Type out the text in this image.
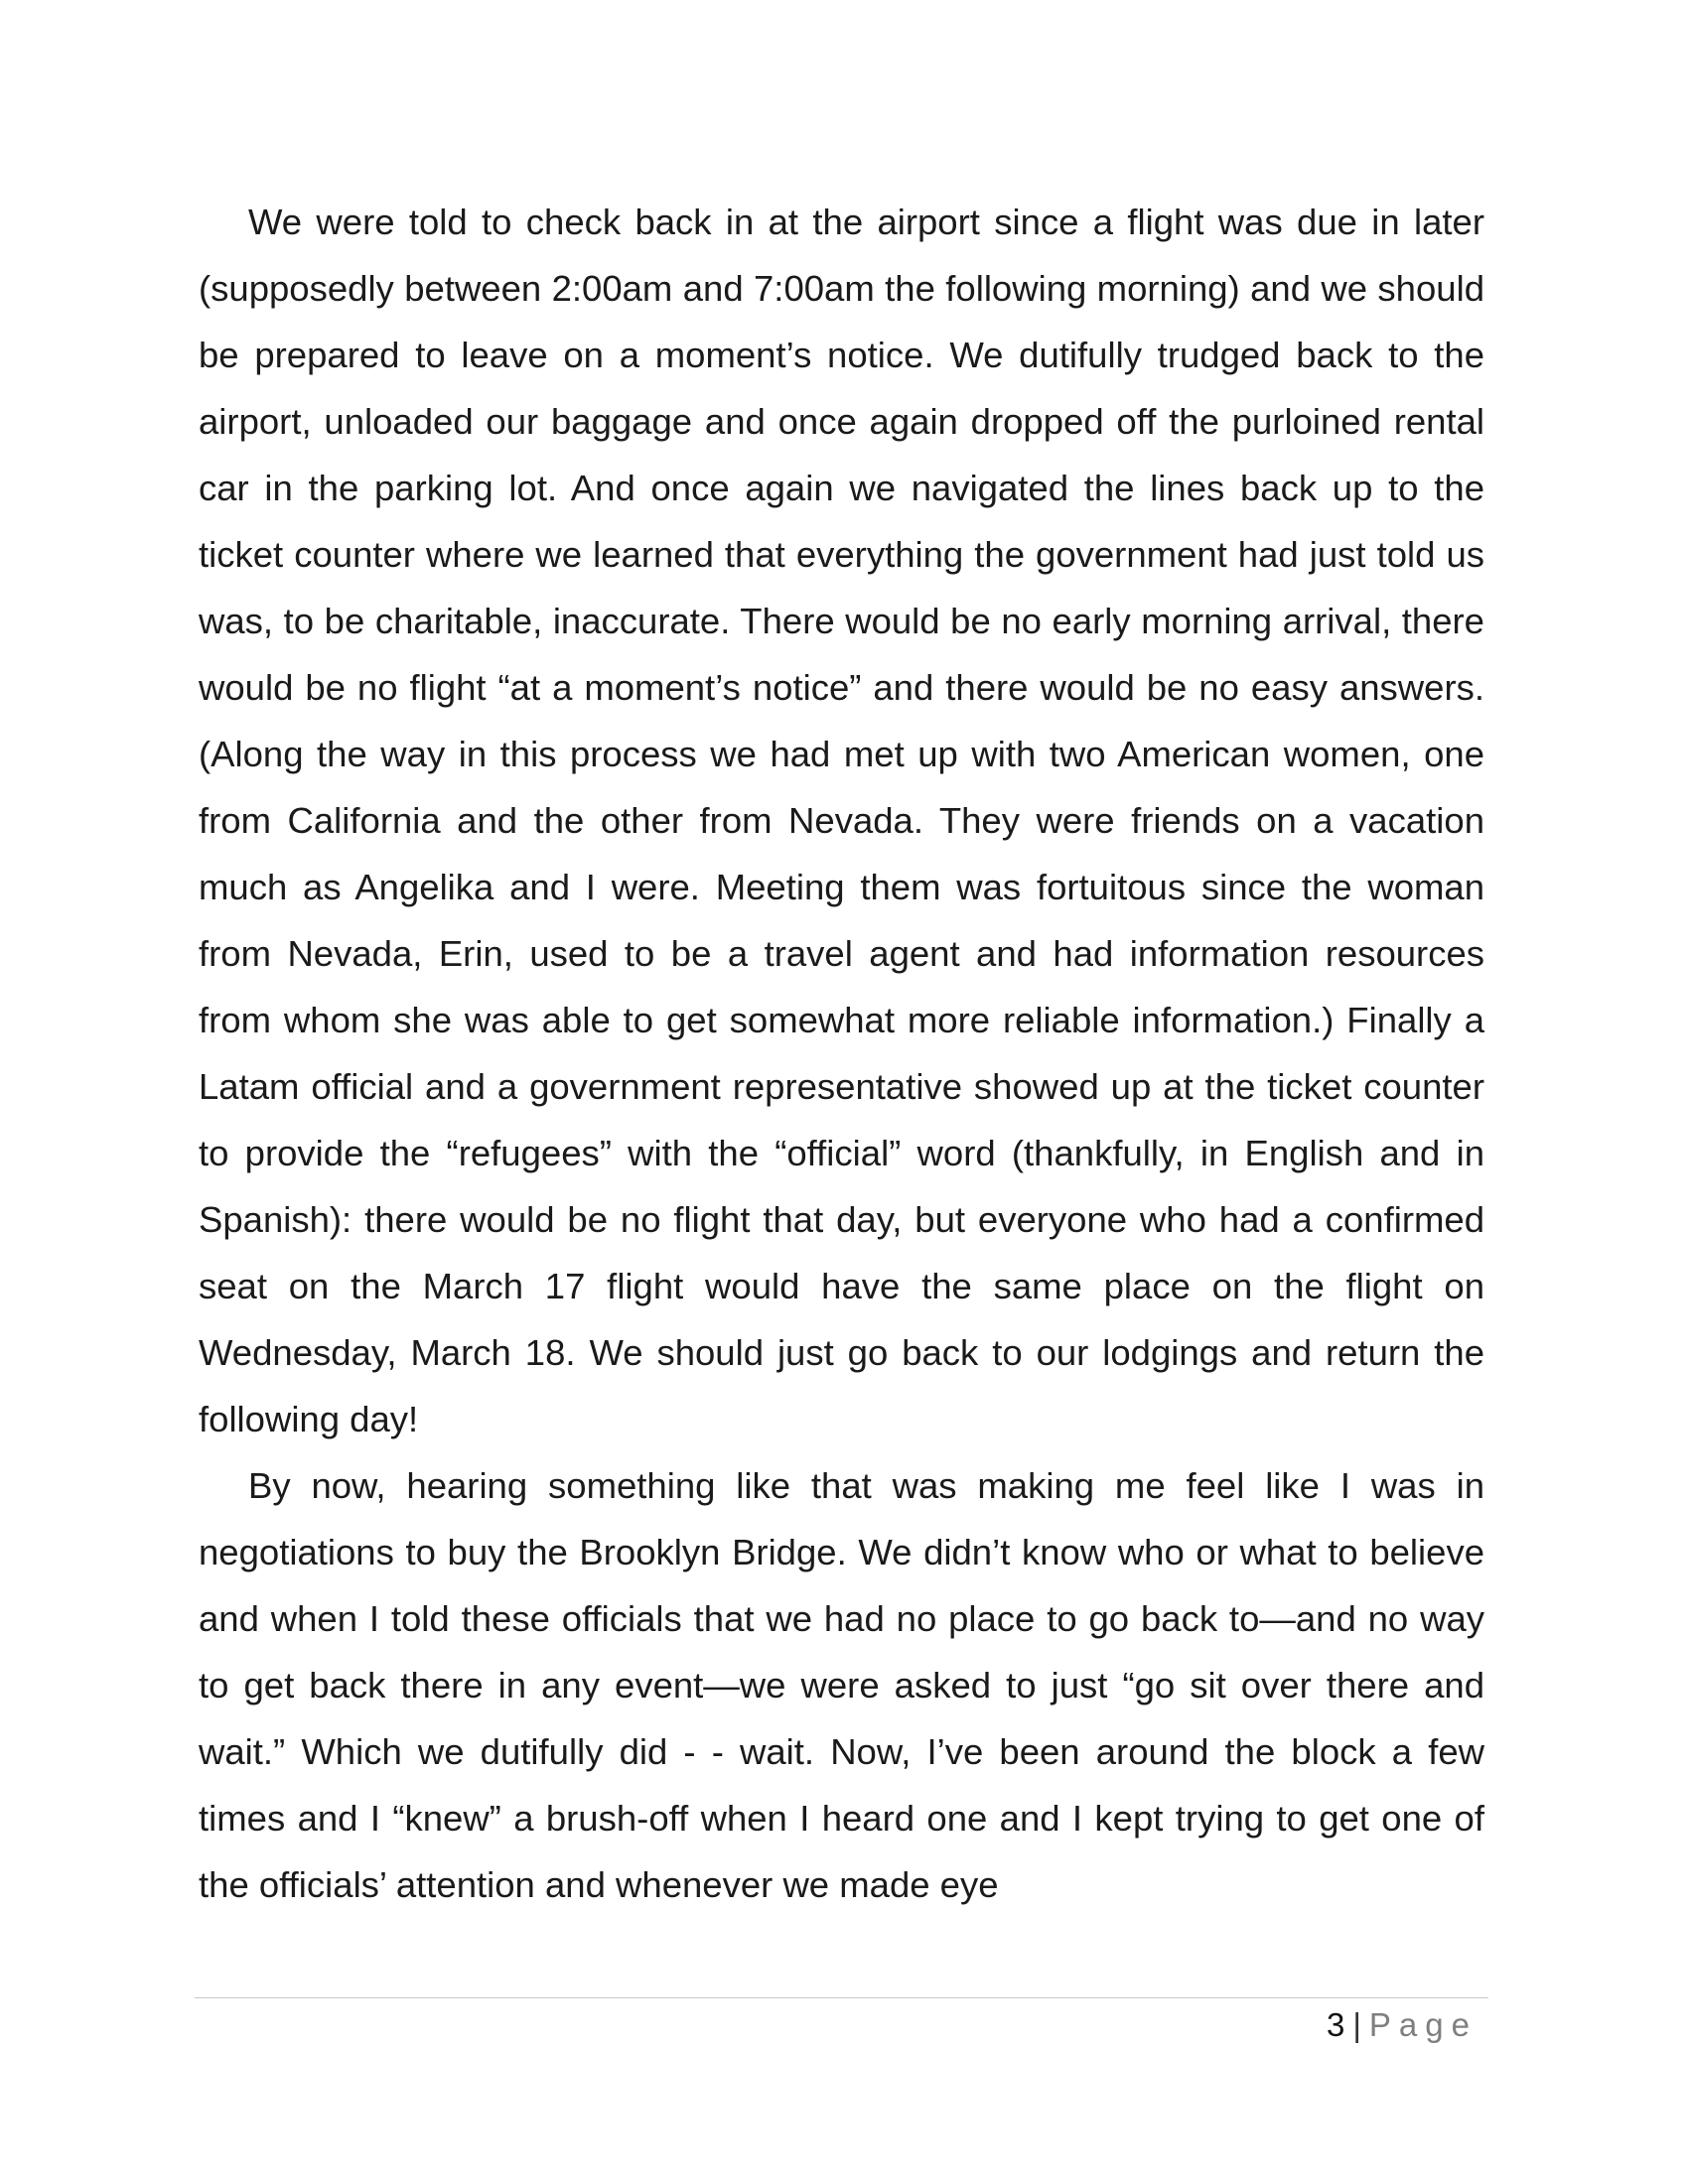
We were told to check back in at the airport since a flight was due in later (supposedly between 2:00am and 7:00am the following morning) and we should be prepared to leave on a moment’s notice. We dutifully trudged back to the airport, unloaded our baggage and once again dropped off the purloined rental car in the parking lot. And once again we navigated the lines back up to the ticket counter where we learned that everything the government had just told us was, to be charitable, inaccurate. There would be no early morning arrival, there would be no flight “at a moment’s notice” and there would be no easy answers. (Along the way in this process we had met up with two American women, one from California and the other from Nevada. They were friends on a vacation much as Angelika and I were. Meeting them was fortuitous since the woman from Nevada, Erin, used to be a travel agent and had information resources from whom she was able to get somewhat more reliable information.) Finally a Latam official and a government representative showed up at the ticket counter to provide the “refugees” with the “official” word (thankfully, in English and in Spanish): there would be no flight that day, but everyone who had a confirmed seat on the March 17 flight would have the same place on the flight on Wednesday, March 18. We should just go back to our lodgings and return the following day!

By now, hearing something like that was making me feel like I was in negotiations to buy the Brooklyn Bridge. We didn’t know who or what to believe and when I told these officials that we had no place to go back to—and no way to get back there in any event—we were asked to just “go sit over there and wait.” Which we dutifully did - - wait. Now, I’ve been around the block a few times and I “knew” a brush-off when I heard one and I kept trying to get one of the officials’ attention and whenever we made eye

3 | Page
